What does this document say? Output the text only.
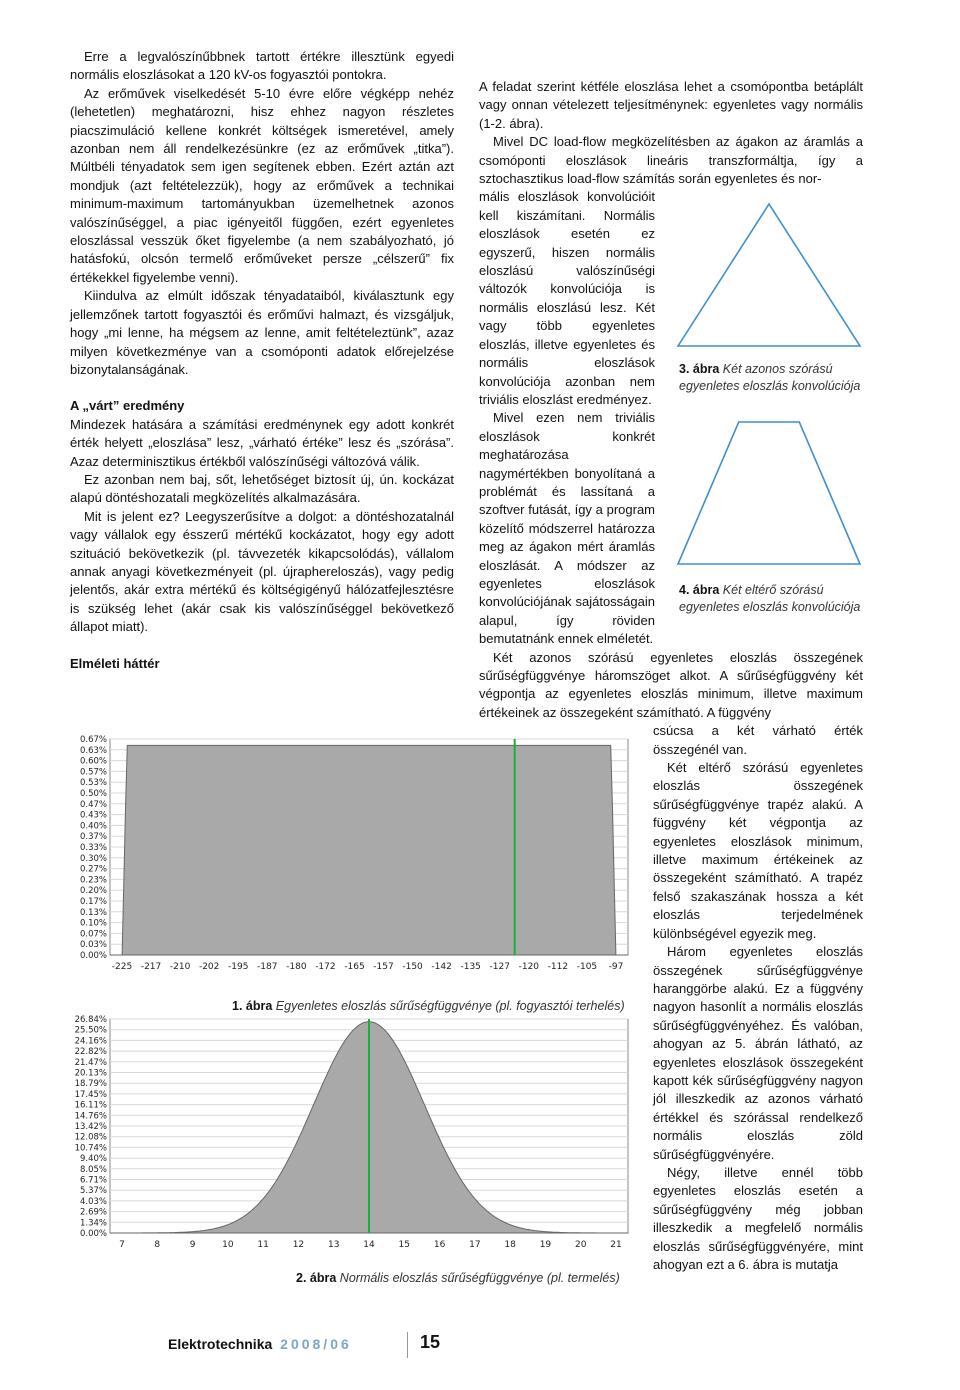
Erre a legvalószínűbbnek tartott értékre illesztünk egyedi normális eloszlásokat a 120 kV-os fogyasztói pontokra.

Az erőművek viselkedését 5-10 évre előre végképp nehéz (lehetetlen) meghatározni, hisz ehhez nagyon részletes piacszimuláció kellene konkrét költségek ismeretével, amely azonban nem áll rendelkezésünkre (ez az erőművek „titka”). Múltbéli tényadatok sem igen segítenek ebben. Ezért aztán azt mondjuk (azt feltételezzük), hogy az erőművek a technikai minimum-maximum tartományukban üzemelhetnek azonos valószínűséggel, a piac igényeitől függően, ezért egyenletes eloszlással vesszük őket figyelembe (a nem szabályozható, jó hatásfokú, olcsón termelő erőműveket persze „célszerű” fix értékekkel figyelembe venni).

Kiindulva az elmúlt időszak tényadataiból, kiválasztunk egy jellemzőnek tartott fogyasztói és erőművi halmazt, és vizsgáljuk, hogy „mi lenne, ha mégsem az lenne, amit feltételeztünk”, azaz milyen következménye van a csomóponti adatok előrejelzése bizonytalanságának.

A „várt” eredmény

Mindezek hatására a számítási eredménynek egy adott konkrét érték helyett „eloszlása” lesz, „várható értéke” lesz és „szórása”. Azaz determinisztikus értékből valószínűségi változóvá válik.

Ez azonban nem baj, sőt, lehetőséget biztosít új, ún. kockázat alapú döntéshozatali megközelítés alkalmazására.

Mit is jelent ez? Leegyszerűsítve a dolgot: a döntéshozatalnál vagy vállalok egy ésszerű mértékű kockázatot, hogy egy adott szituáció bekövetkezik (pl. távvezeték kikapcsolódás), vállalom annak anyagi következményeit (pl. újraphereloszás), vagy pedig jelentős, akár extra mértékű és költségigényű hálózatfejlesztésre is szükség lehet (akár csak kis valószínűséggel bekövetkező állapot miatt).

Elméleti háttér

A feladat szerint kétféle eloszlása lehet a csomópontba betáplált vagy onnan vételezett teljesítménynek: egyenletes vagy normális (1-2. ábra).

Mivel DC load-flow megközelítésben az ágakon az áramlás a csomóponti eloszlások lineáris transzformáltja, így a sztochasztikus load-flow számítás során egyenletes és nor-

mális eloszlások konvolúcióit kell kiszámítani. Normális eloszlások esetén ez egyszerű, hiszen normális eloszlású valószínűségi változók konvolúciója is normális eloszlású lesz. Két vagy több egyenletes eloszlás, illetve egyenletes és normális eloszlások konvolúciója azonban nem triviális eloszlást eredményez.

Mivel ezen nem triviális eloszlások konkrét meghatározása nagymértékben bonyolítaná a problémát és lassítaná a szoftver futását, így a program közelítő módszerrel határozza meg az ágakon mért áramlás eloszlását. A módszer az egyenletes eloszlások konvolúciójának sajátosságain alapul, így röviden bemutatnánk ennek elméletét.

Két azonos szórású egyenletes eloszlás összegének sűrűségfüggvénye háromszöget alkot. A sűrűségfüggvény két végpontja az egyenletes eloszlás minimum, illetve maximum értékeinek az összegeként számítható. A függvény

csúcsa a két várható érték összegénél van.

Két eltérő szórású egyenletes eloszlás összegének sűrűségfüggvénye trapéz alakú. A függvény két végpontja az egyenletes eloszlások minimum, illetve maximum értékeinek az összegeként számítható. A trapéz felső szakaszának hossza a két eloszlás terjedelmének különbségével egyezik meg.

Három egyenletes eloszlás összegének sűrűségfüggvénye haranggörbe alakú. Ez a függvény nagyon hasonlít a normális eloszlás sűrűségfüggvényéhez. És valóban, ahogyan az 5. ábrán látható, az egyenletes eloszlások összegeként kapott kék sűrűségfüggvény nagyon jól illeszkedik az azonos várható értékkel és szórással rendelkező normális eloszlás zöld sűrűségfüggvényére.

Négy, illetve ennél több egyenletes eloszlás esetén a sűrűségfüggvény még jobban illeszkedik a megfelelő normális eloszlás sűrűségfüggvényére, mint ahogyan ezt a 6. ábra is mutatja

3. ábra Két azonos szórású egyenletes eloszlás konvolúciója
4. ábra Két eltérő szórású egyenletes eloszlás konvolúciója
0.67%
0.63%
0.60%
0.57%
0.53%
0.50%
0.47%
0.43%
0.40%
0.37%
0.33%
0.30%
0.27%
0.23%
0.20%
0.17%
0.13%
0.10%
0.07%
0.03%
0.00%
-225 -217 -210 -202 -195 -187 -180 -172 -165 -157 -150 -142 -135 -127 -120 -112 -105 -97
1. ábra Egyenletes eloszlás sűrűségfüggvénye (pl. fogyasztói terhelés)
26.84%
25.50%
24.16%
22.82%
21.47%
20.13%
18.79%
17.45%
16.11%
14.76%
13.42%
12.08%
10.74%
9.40%
8.05%
6.71%
5.37%
4.03%
2.69%
1.34%
0.00%
7	8	9	10	11	12	13	14	15	16	17	18	19	20	21
2. ábra Normális eloszlás sűrűségfüggvénye (pl. termelés)
Elektrotechnika 2008/06	15
